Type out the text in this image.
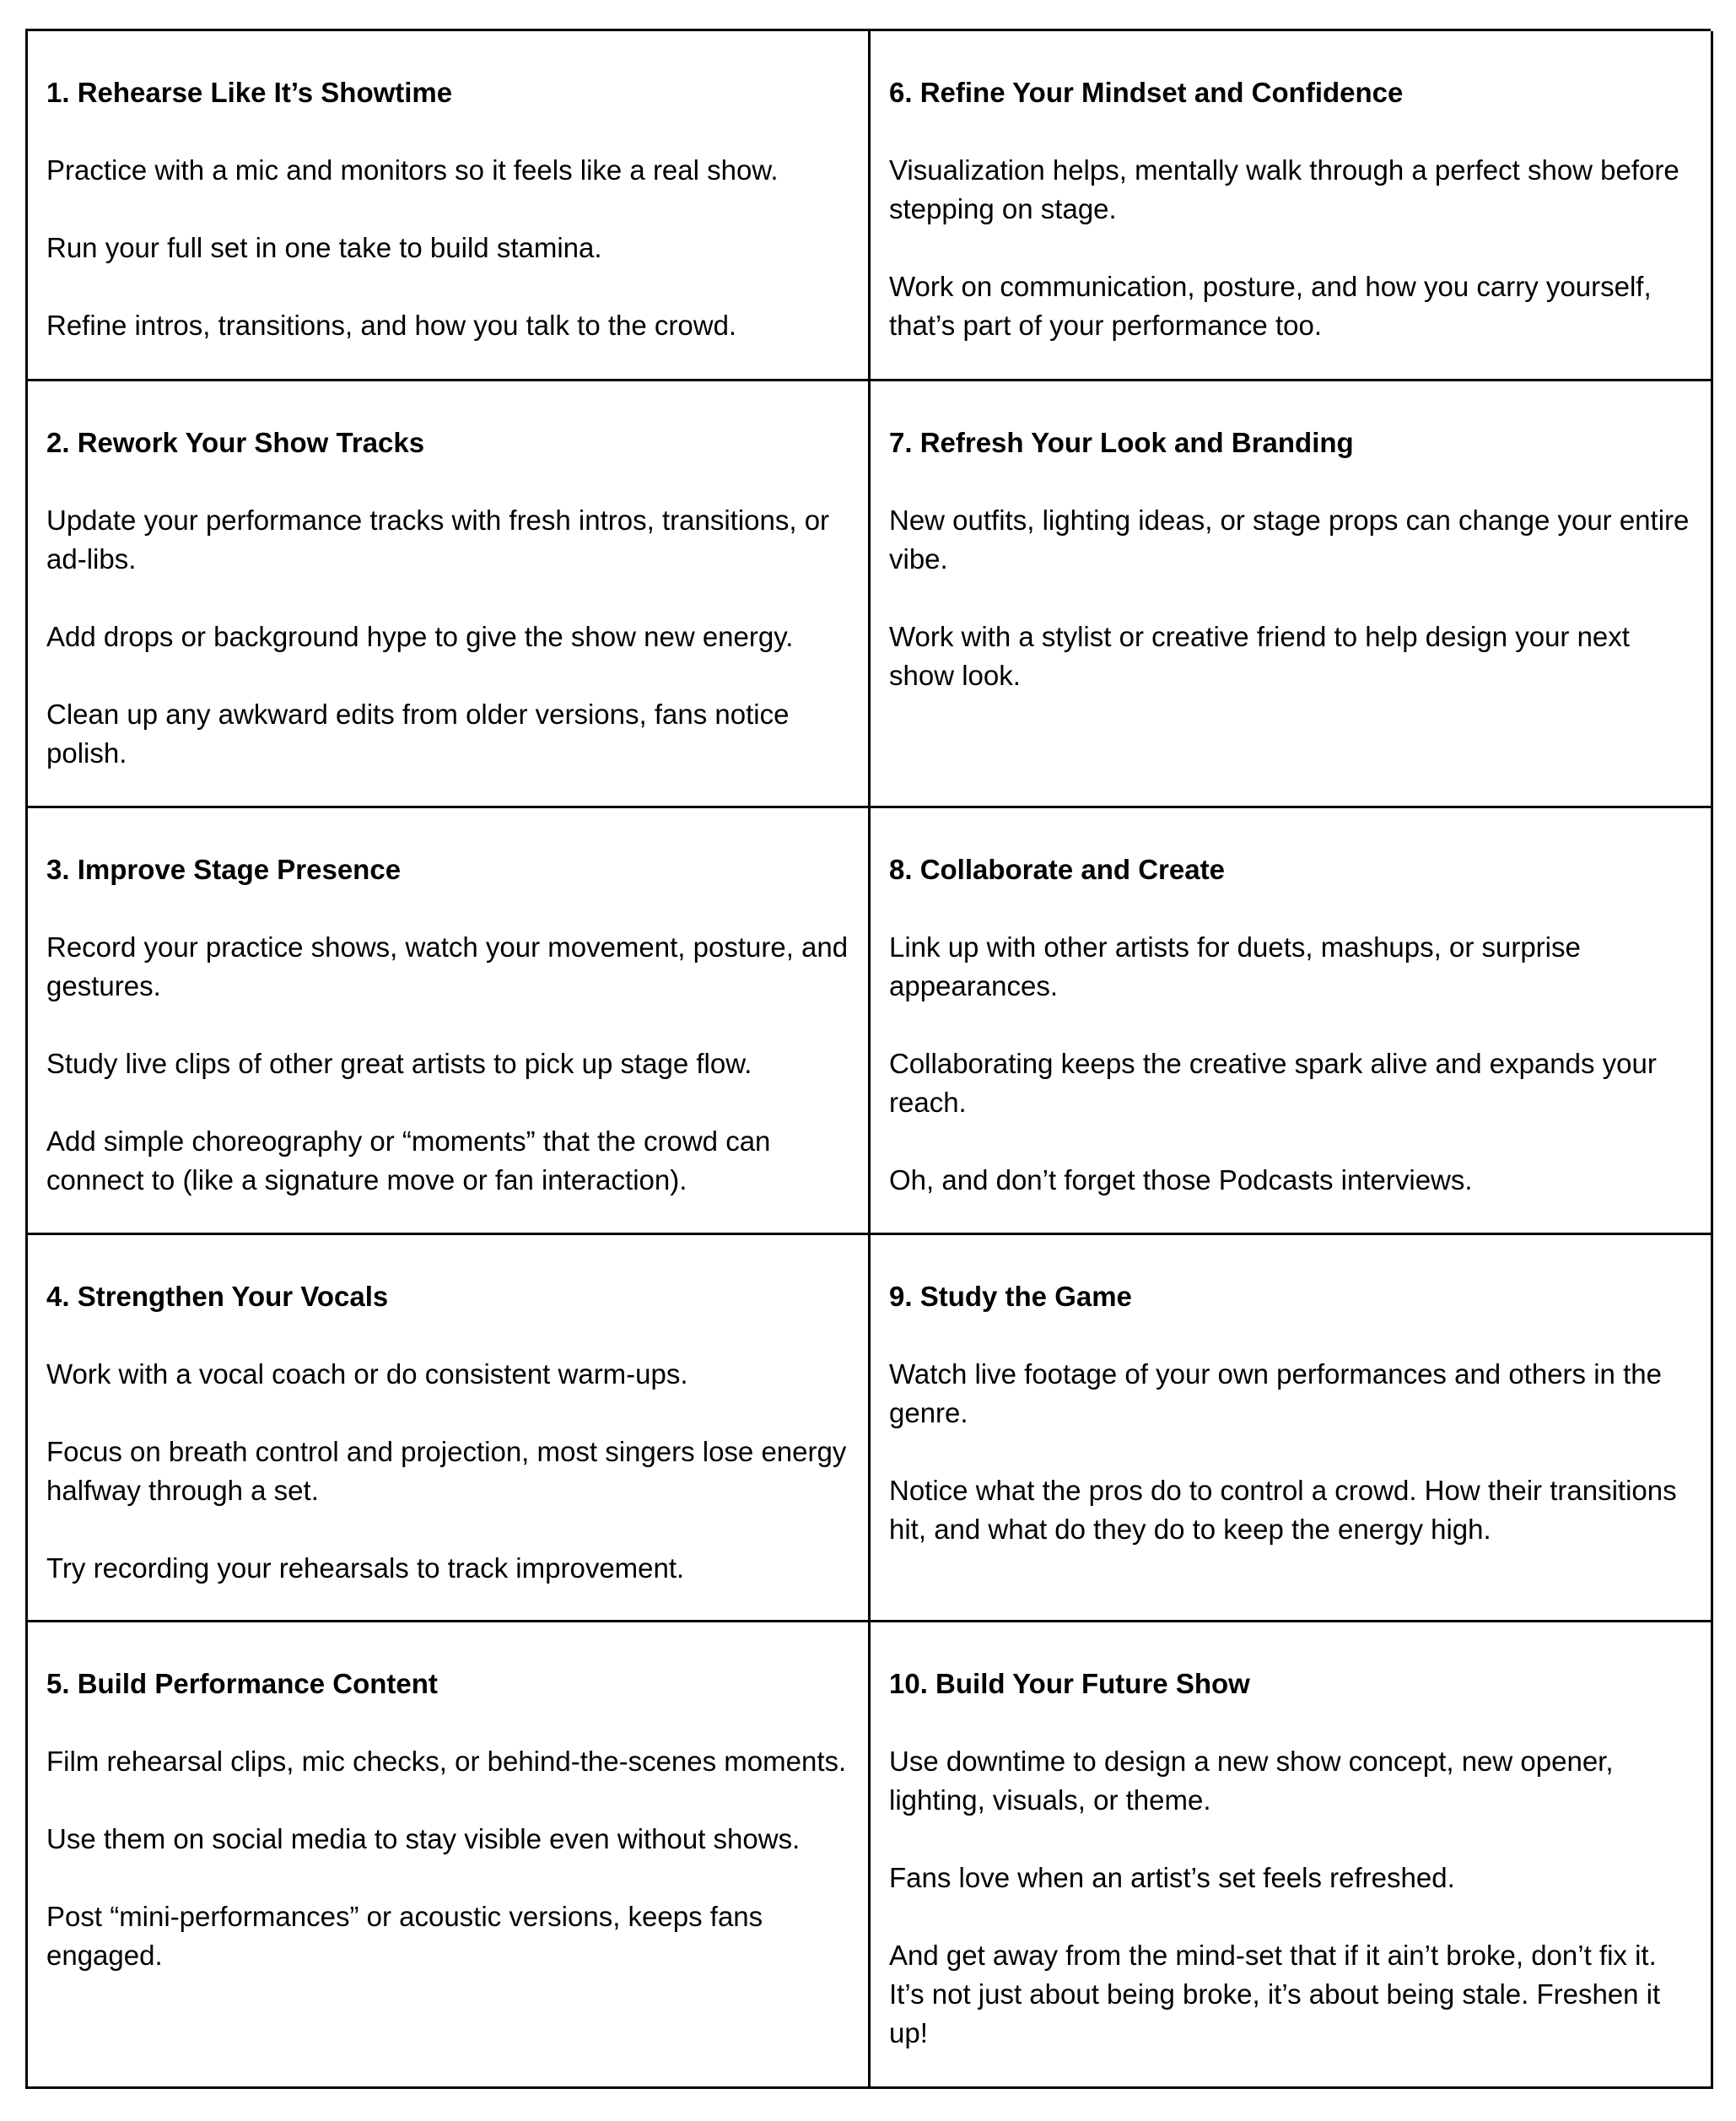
1. Rehearse Like It’s Showtime

Practice with a mic and monitors so it feels like a real show.

Run your full set in one take to build stamina.

Refine intros, transitions, and how you talk to the crowd.

6. Refine Your Mindset and Confidence

Visualization helps, mentally walk through a perfect show before stepping on stage.

Work on communication, posture, and how you carry yourself, that’s part of your performance too.

2. Rework Your Show Tracks

Update your performance tracks with fresh intros, transitions, or ad-libs.

Add drops or background hype to give the show new energy.

Clean up any awkward edits from older versions, fans notice polish.

7. Refresh Your Look and Branding

New outfits, lighting ideas, or stage props can change your entire vibe.

Work with a stylist or creative friend to help design your next show look.

3. Improve Stage Presence

Record your practice shows, watch your movement, posture, and gestures.

Study live clips of other great artists to pick up stage flow.

Add simple choreography or “moments” that the crowd can connect to (like a signature move or fan interaction).

8. Collaborate and Create

Link up with other artists for duets, mashups, or surprise appearances.

Collaborating keeps the creative spark alive and expands your reach.

Oh, and don’t forget those Podcasts interviews.

4. Strengthen Your Vocals

Work with a vocal coach or do consistent warm-ups.

Focus on breath control and projection, most singers lose energy halfway through a set.

Try recording your rehearsals to track improvement.

9. Study the Game

Watch live footage of your own performances and others in the genre.

Notice what the pros do to control a crowd. How their transitions hit, and what do they do to keep the energy high.

5. Build Performance Content

Film rehearsal clips, mic checks, or behind-the-scenes moments.

Use them on social media to stay visible even without shows.

Post “mini-performances” or acoustic versions, keeps fans engaged.

10. Build Your Future Show

Use downtime to design a new show concept, new opener, lighting, visuals, or theme.

Fans love when an artist’s set feels refreshed.

And get away from the mind-set that if it ain’t broke, don’t fix it. It’s not just about being broke, it’s about being stale. Freshen it up!
